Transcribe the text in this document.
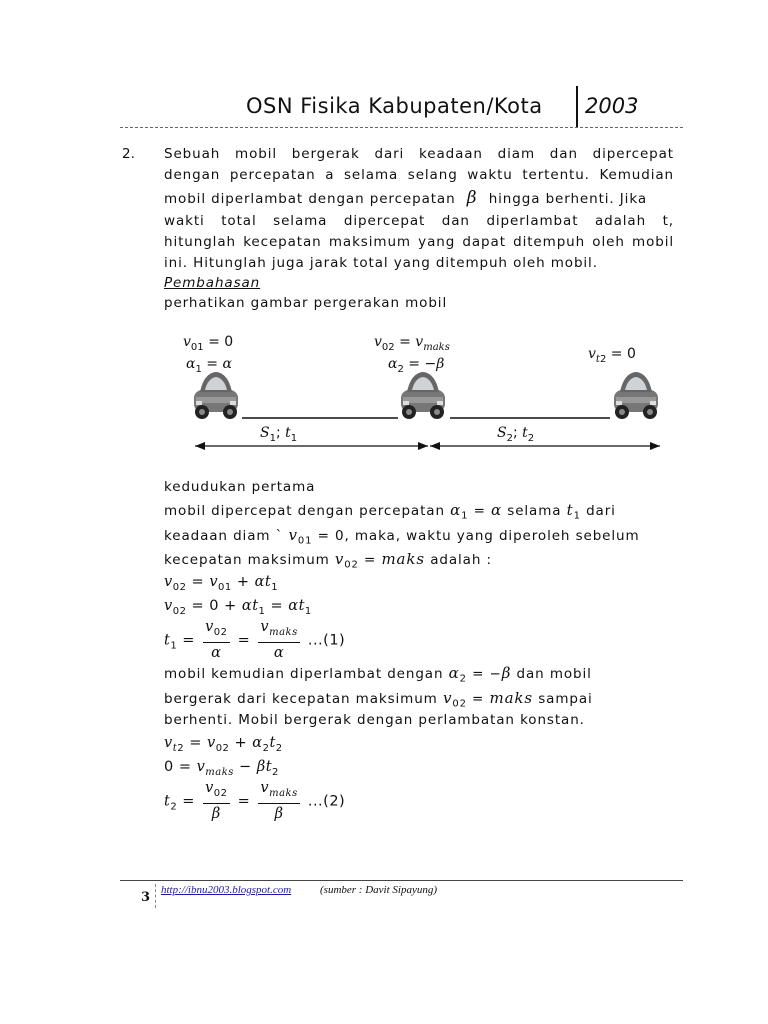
OSN Fisika Kabupaten/Kota 2003
2. Sebuah mobil bergerak dari keadaan diam dan dipercepat
dengan percepatan a selama selang waktu tertentu. Kemudian
mobil diperlambat dengan percepatan β hingga berhenti. Jika
wakti total selama dipercepat dan diperlambat adalah t,
hitunglah kecepatan maksimum yang dapat ditempuh oleh mobil
ini. Hitunglah juga jarak total yang ditempuh oleh mobil.
Pembahasan
perhatikan gambar pergerakan mobil
$v_{01} = 0$
$\alpha_1 = \alpha$
$v_{02} = v_{maks}$
$\alpha_2 = -\beta$
$v_{t2} = 0$
$S_1$; $t_1$	$S_2$; $t_2$
kedudukan pertama
mobil dipercepat dengan percepatan $\alpha_1 = \alpha$ selama $t_1$ dari
keadaan diam ` $v_{01} = 0$, maka, waktu yang diperoleh sebelum
kecepatan maksimum $v_{02}$ = maks adalah :
$v_{02} = v_{01} + \alpha t_1$
$v_{02} = 0 + \alpha t_1 = \alpha t_1$
$t_1 = \frac{v_{02}}{\alpha} = \frac{v_{maks}}{\alpha} ...(1)$
mobil kemudian diperlambat dengan $\alpha_2 = -\beta$ dan mobil
bergerak dari kecepatan maksimum $v_{02}$ = maks sampai
berhenti. Mobil bergerak dengan perlambatan konstan.
$v_{t2} = v_{02} + \alpha_2t_2$
$0 = v_{maks} - \beta t_2$
$t_2 = \frac{v_{02}}{\beta} = \frac{v_{maks}}{\beta} ...(2)$
3 http://ibnu2003.blogspot.com	(sumber : Davit Sipayung)
